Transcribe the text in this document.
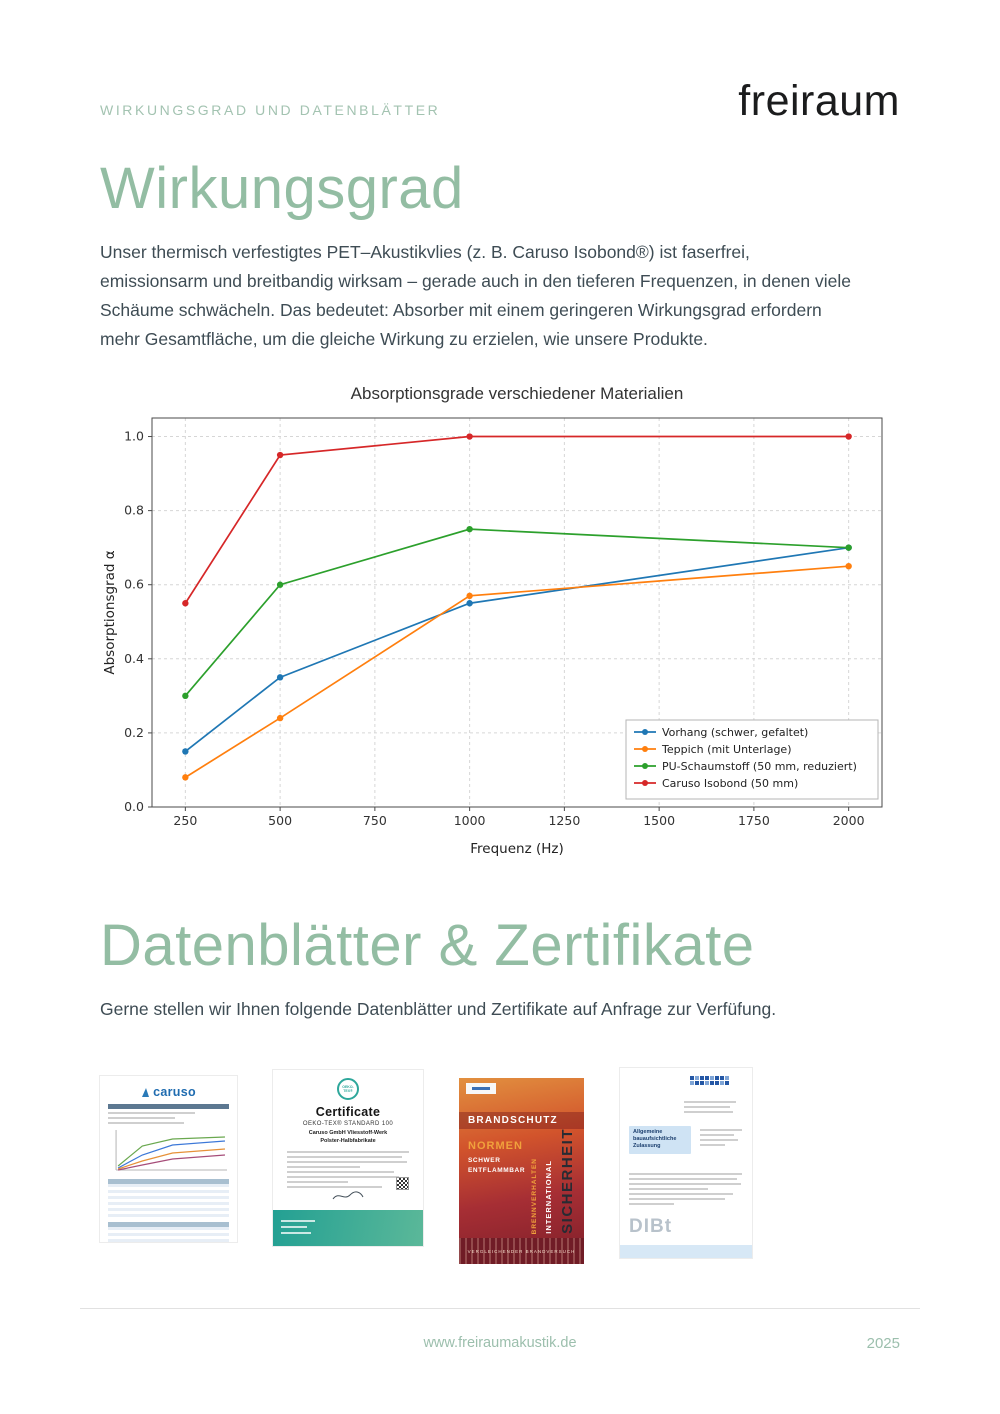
WIRKUNGSGRAD UND DATENBLÄTTER	freiraum
Wirkungsgrad

Unser thermisch verfestigtes PET–Akustikvlies (z. B. Caruso Isobond®) ist faserfrei, emissionsarm und breitbandig wirksam – gerade auch in den tieferen Frequenzen, in denen viele Schäume schwächeln. Das bedeutet: Absorber mit einem geringeren Wirkungsgrad erfordern mehr Gesamtfläche, um die gleiche Wirkung zu erzielen, wie unsere Produkte.

Absorptionsgrade verschiedener Materialien
250	500	750	1000	1250	1500	1750	2000
0.0
0.2
0.4
0.6
0.8
1.0
Frequenz (Hz)
Absorptionsgrad α
Vorhang (schwer, gefaltet)
Teppich (mit Unterlage)
PU-Schaumstoff (50 mm, reduziert)
Caruso Isobond (50 mm)
Datenblätter & Zertifikate

Gerne stellen wir Ihnen folgende Datenblätter und Zertifikate auf Anfrage zur Verfüfung.

caruso	OEKO-TEX®
Certificate
OEKO-TEX® STANDARD 100
Caruso GmbH Vliesstoff-Werk Polster-Halbfabrikate
BRANDSCHUTZ
NORMEN
SCHWER
ENTFLAMMBAR BRENNVERHALTEN INTERNATIONAL SICHERHEIT
VERGLEICHENDER BRANDVERSUCH
Allgemeine bauaufsichtliche Zulassung
DIBt
www.freiraumakustik.de	2025
